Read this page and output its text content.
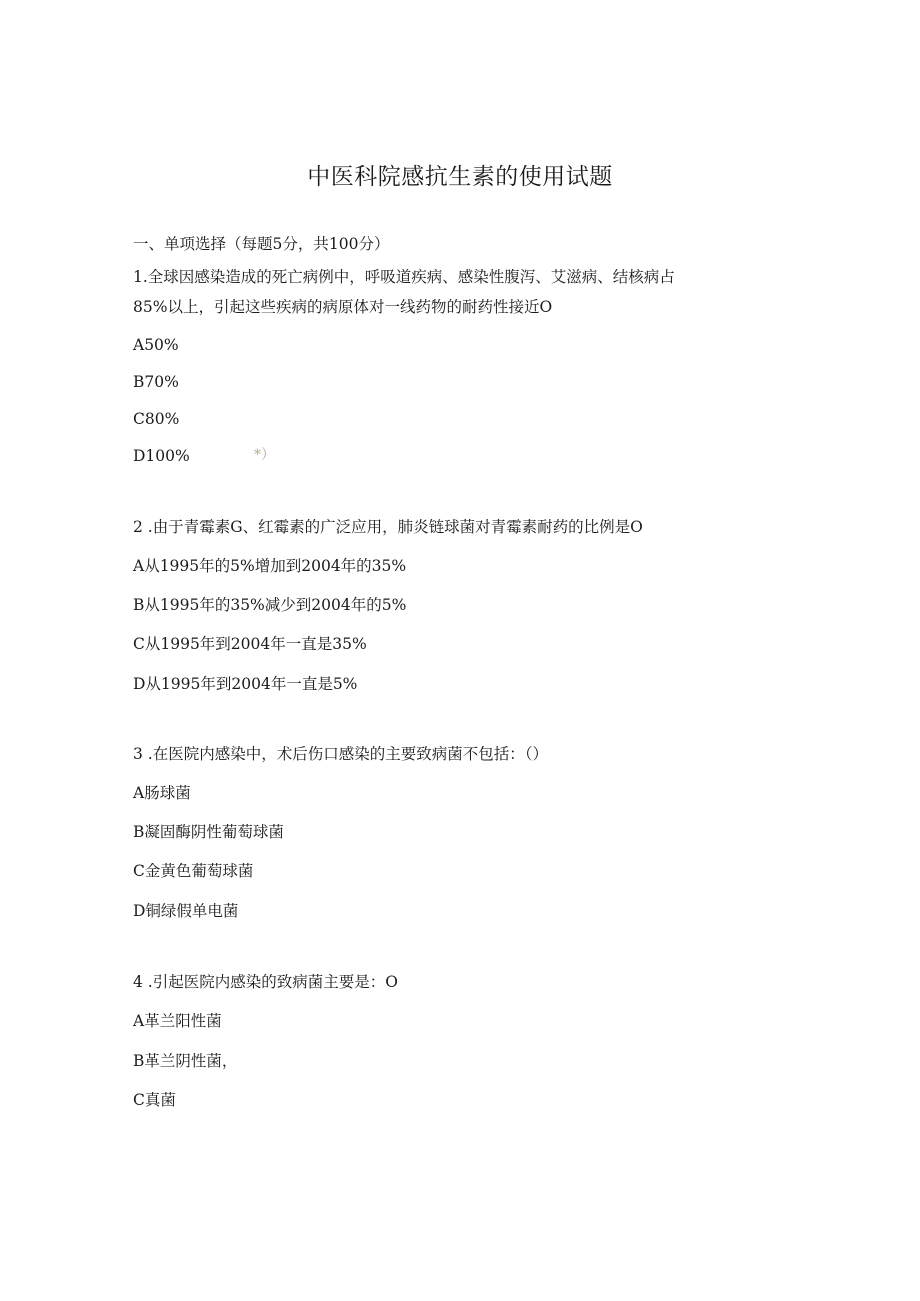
中医科院感抗生素的使用试题
一、单项选择（每题5分，共100分）
1.全球因感染造成的死亡病例中，呼吸道疾病、感染性腹泻、艾滋病、结核病占
85%以上，引起这些疾病的病原体对一线药物的耐药性接近O
A50%
B70%
C80%
D100%	*）
2 .由于青霉素G、红霉素的广泛应用，肺炎链球菌对青霉素耐药的比例是O
A从1995年的5%增加到2004年的35%
B从1995年的35%减少到2004年的5%
C从1995年到2004年一直是35%
D从1995年到2004年一直是5%
3 .在医院内感染中，术后伤口感染的主要致病菌不包括：（）
A肠球菌
B凝固酶阴性葡萄球菌
C金黄色葡萄球菌
D铜绿假单电菌
4 .引起医院内感染的致病菌主要是：O
A革兰阳性菌
B革兰阴性菌，
C真菌
